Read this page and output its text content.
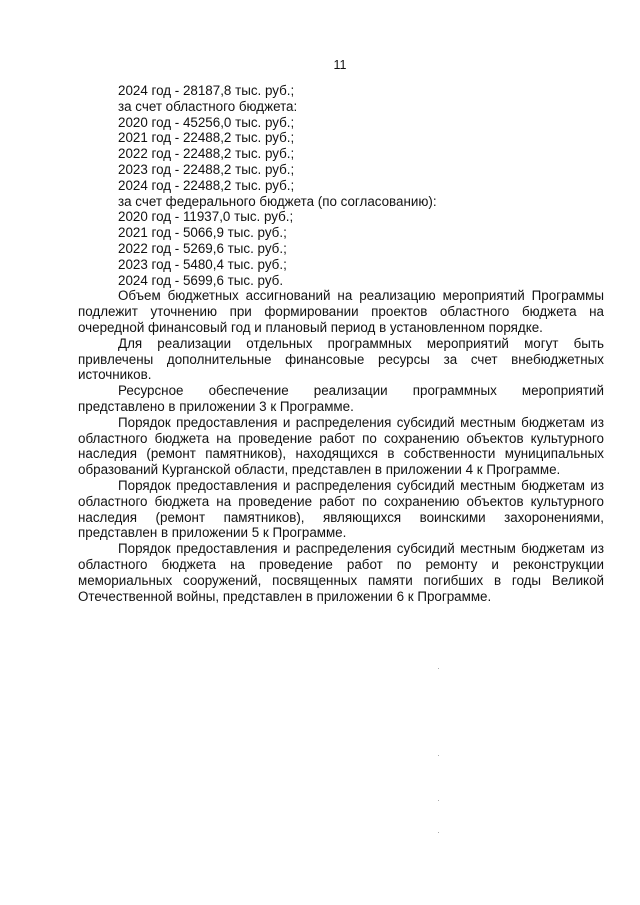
11

2024 год - 28187,8 тыс. руб.;

за счет областного бюджета:

2020 год - 45256,0 тыс. руб.;

2021 год - 22488,2 тыс. руб.;

2022 год - 22488,2 тыс. руб.;

2023 год - 22488,2 тыс. руб.;

2024 год - 22488,2 тыс. руб.;

за счет федерального бюджета (по согласованию):

2020 год - 11937,0 тыс. руб.;

2021 год - 5066,9 тыс. руб.;

2022 год - 5269,6 тыс. руб.;

2023 год - 5480,4 тыс. руб.;

2024 год - 5699,6 тыс. руб.

Объем бюджетных ассигнований на реализацию мероприятий Программы подлежит уточнению при формировании проектов областного бюджета на очередной финансовый год и плановый период в установленном порядке.

Для реализации отдельных программных мероприятий могут быть привлечены дополнительные финансовые ресурсы за счет внебюджетных источников.

Ресурсное обеспечение реализации программных мероприятий представлено в приложении 3 к Программе.

Порядок предоставления и распределения субсидий местным бюджетам из областного бюджета на проведение работ по сохранению объектов культурного наследия (ремонт памятников), находящихся в собственности муниципальных образований Курганской области, представлен в приложении 4 к Программе.

Порядок предоставления и распределения субсидий местным бюджетам из областного бюджета на проведение работ по сохранению объектов культурного наследия (ремонт памятников), являющихся воинскими захоронениями, представлен в приложении 5 к Программе.

Порядок предоставления и распределения субсидий местным бюджетам из областного бюджета на проведение работ по ремонту и реконструкции мемориальных сооружений, посвященных памяти погибших в годы Великой Отечественной войны, представлен в приложении 6 к Программе.
